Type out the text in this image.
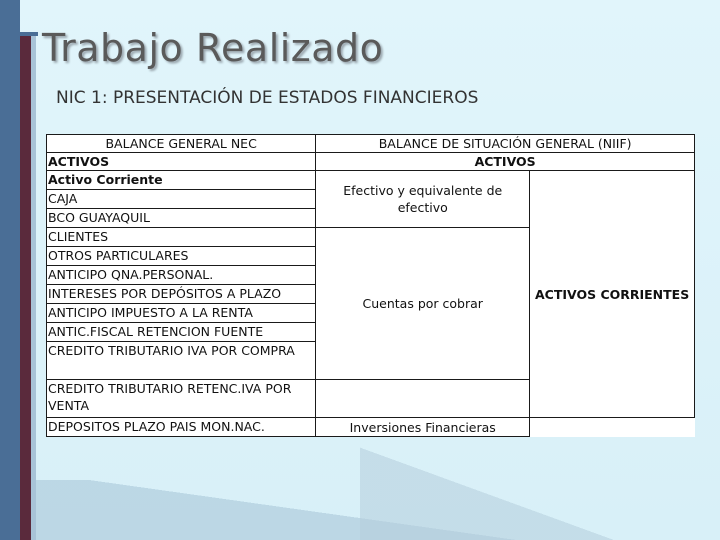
Trabajo Realizado
NIC 1: PRESENTACIÓN DE ESTADOS FINANCIEROS
BALANCE GENERAL NEC	BALANCE DE SITUACIÓN GENERAL (NIIF)	
ACTIVOS	ACTIVOS	
Activo Corriente	Efectivo y equivalente de efectivo	ACTIVOS CORRIENTES
CAJA		
BCO GUAYAQUIL		
CLIENTES	Cuentas por cobrar	
OTROS PARTICULARES		
ANTICIPO QNA.PERSONAL.		
INTERESES POR DEPÓSITOS A PLAZO		
ANTICIPO IMPUESTO A LA RENTA		
ANTIC.FISCAL RETENCION FUENTE		
CREDITO TRIBUTARIO IVA POR COMPRA		
CREDITO TRIBUTARIO RETENC.IVA POR VENTA		
DEPOSITOS PLAZO PAIS MON.NAC.	Inversiones Financieras	
